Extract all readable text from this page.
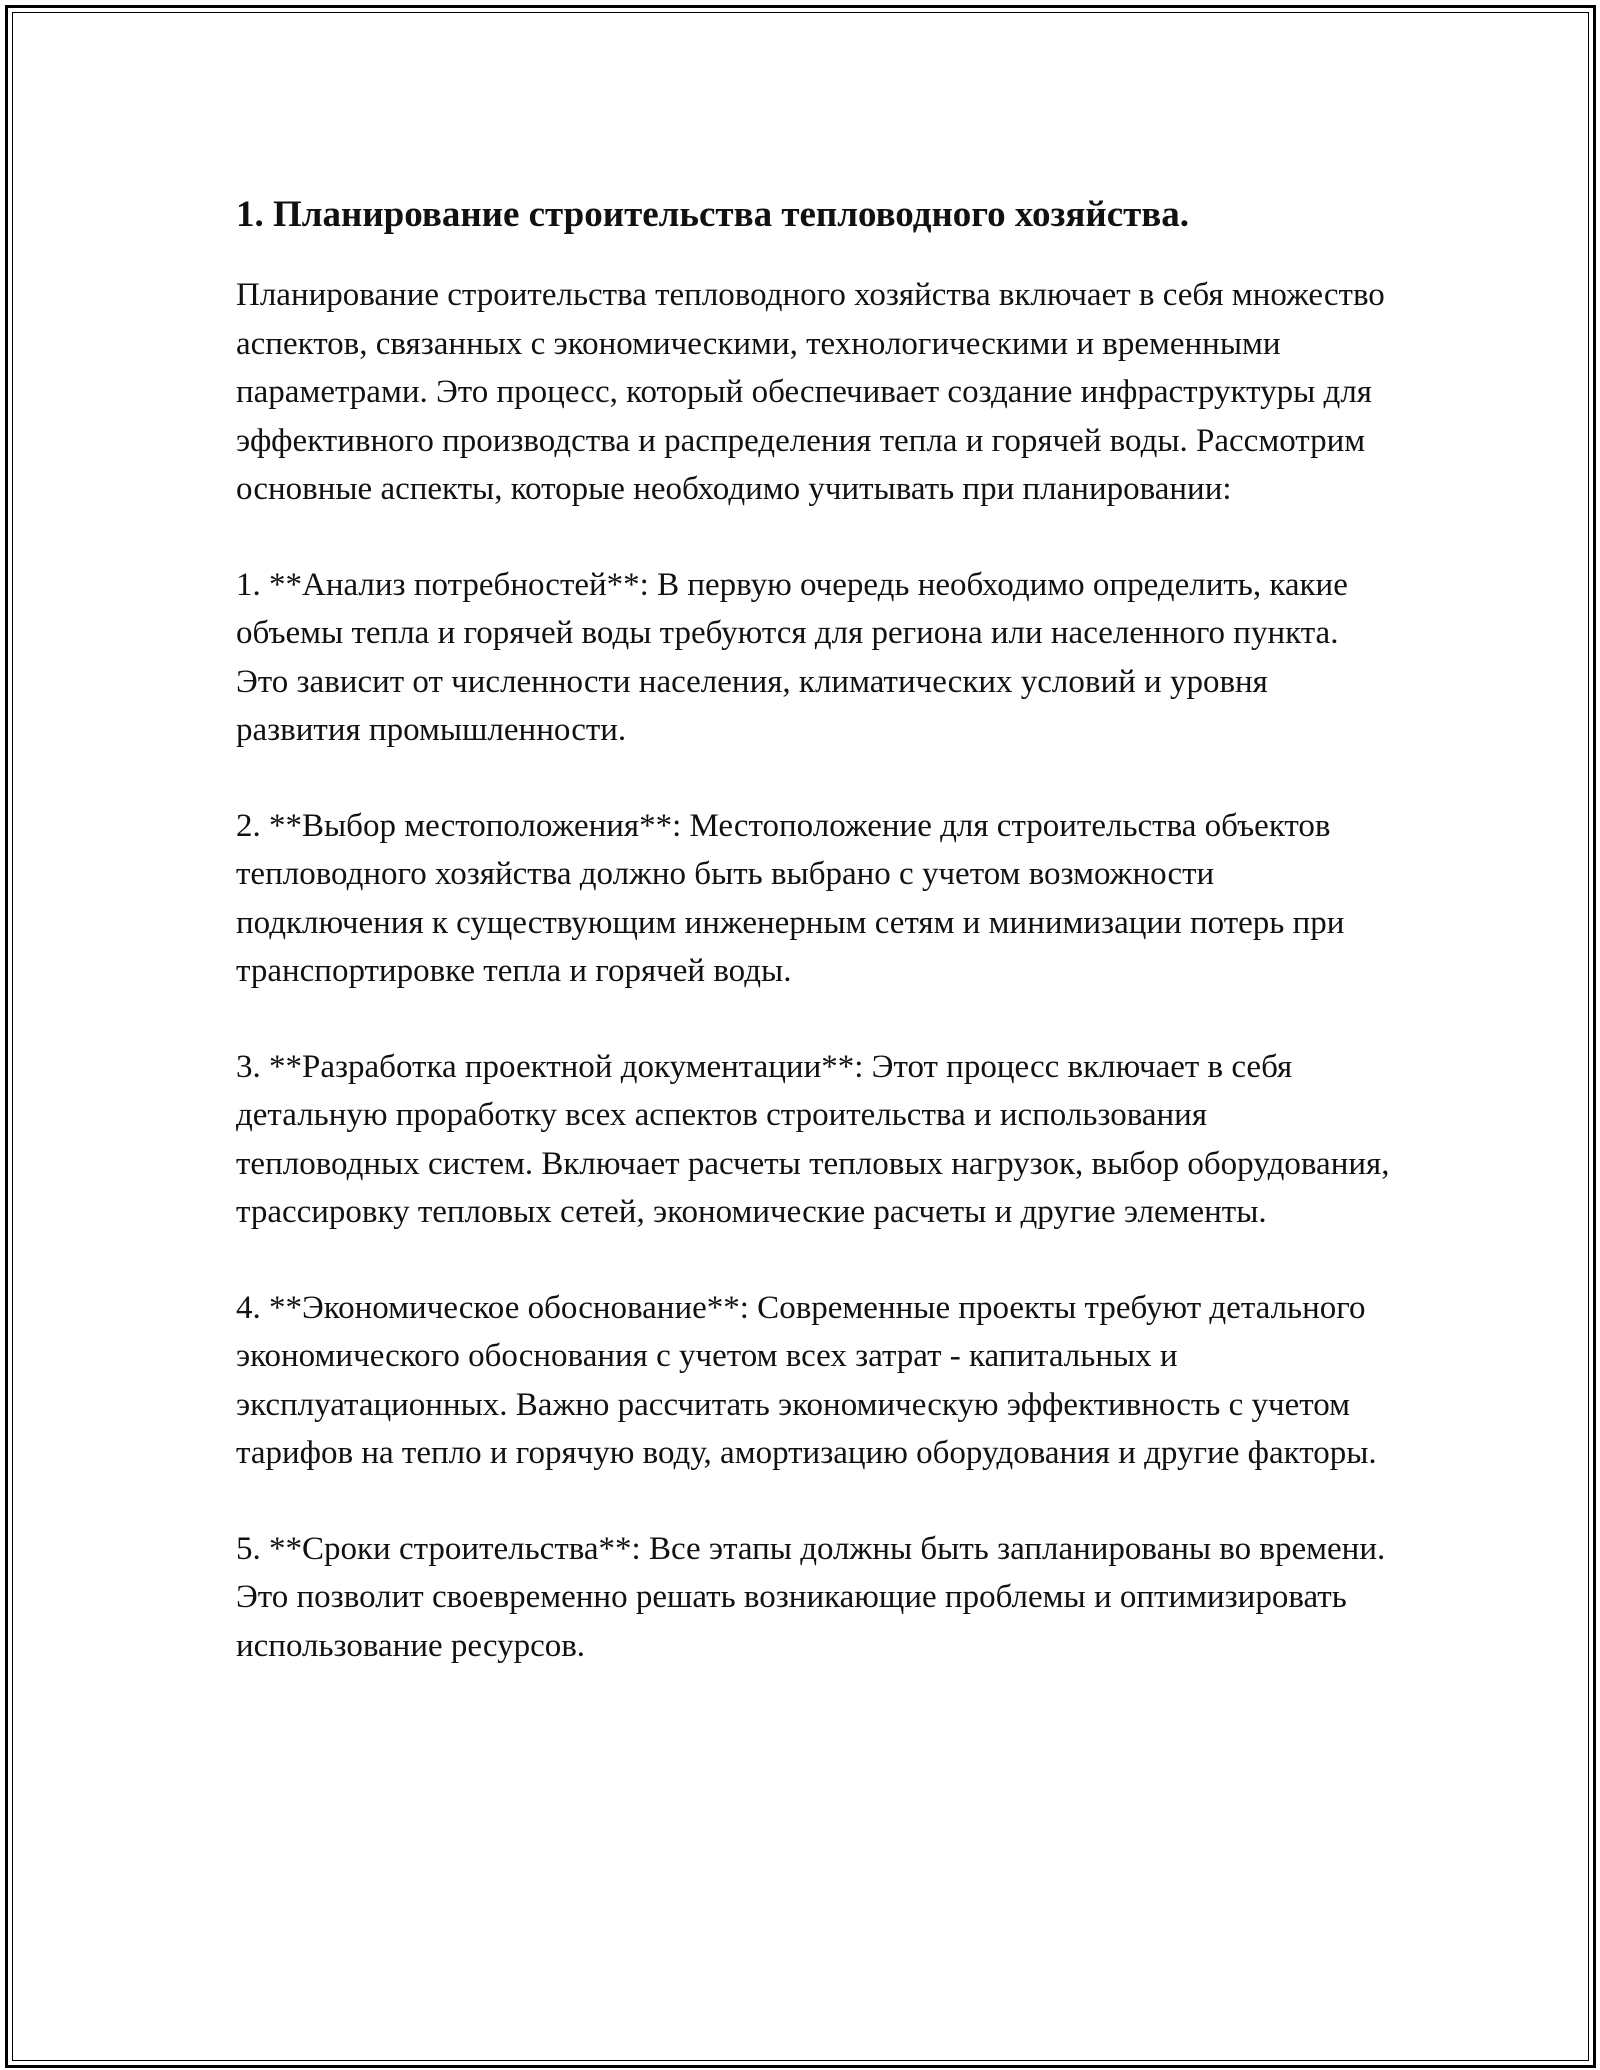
1. Планирование строительства тепловодного хозяйства.

Планирование строительства тепловодного хозяйства включает в себя множество аспектов, связанных с экономическими, технологическими и временными параметрами. Это процесс, который обеспечивает создание инфраструктуры для эффективного производства и распределения тепла и горячей воды. Рассмотрим основные аспекты, которые необходимо учитывать при планировании:

1. **Анализ потребностей**: В первую очередь необходимо определить, какие объемы тепла и горячей воды требуются для региона или населенного пункта. Это зависит от численности населения, климатических условий и уровня развития промышленности.

2. **Выбор местоположения**: Местоположение для строительства объектов тепловодного хозяйства должно быть выбрано с учетом возможности подключения к существующим инженерным сетям и минимизации потерь при транспортировке тепла и горячей воды.

3. **Разработка проектной документации**: Этот процесс включает в себя детальную проработку всех аспектов строительства и использования тепловодных систем. Включает расчеты тепловых нагрузок, выбор оборудования, трассировку тепловых сетей, экономические расчеты и другие элементы.

4. **Экономическое обоснование**: Современные проекты требуют детального экономического обоснования с учетом всех затрат - капитальных и эксплуатационных. Важно рассчитать экономическую эффективность с учетом тарифов на тепло и горячую воду, амортизацию оборудования и другие факторы.

5. **Сроки строительства**: Все этапы должны быть запланированы во времени. Это позволит своевременно решать возникающие проблемы и оптимизировать использование ресурсов.
